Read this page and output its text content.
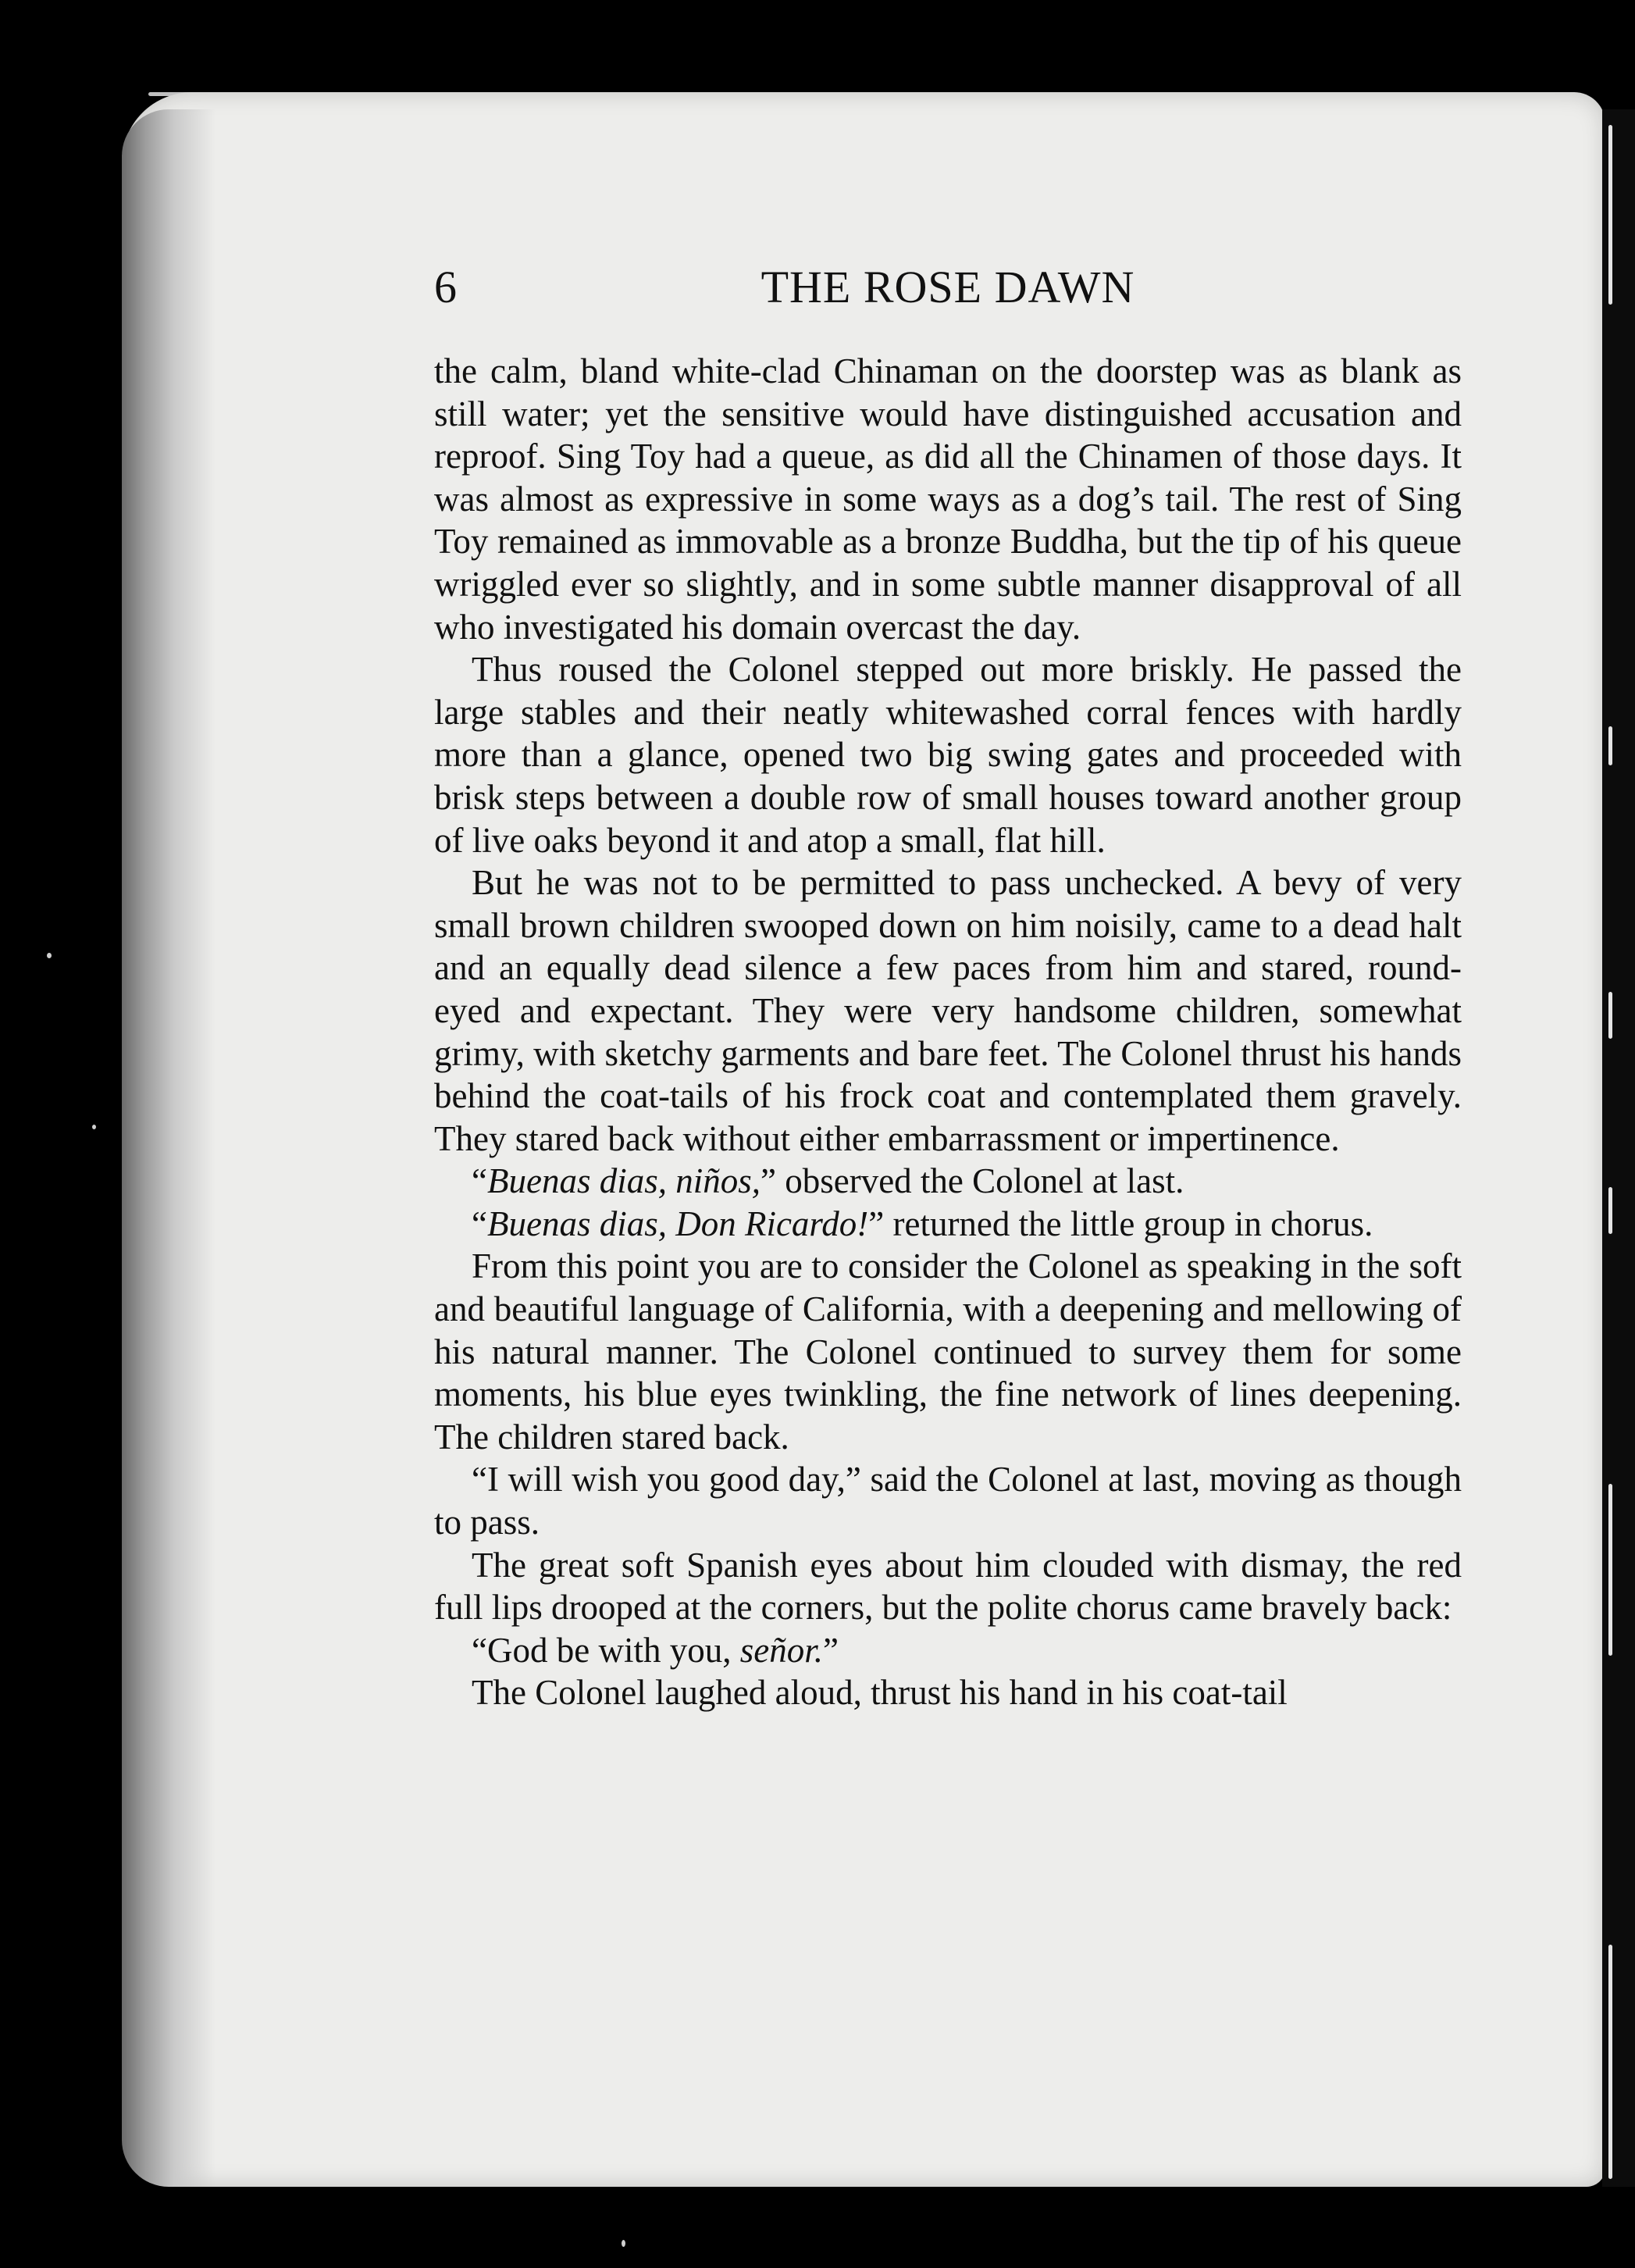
6	THE ROSE DAWN

the calm, bland white-clad Chinaman on the doorstep was as blank as still water; yet the sensitive would have distinguished accusation and reproof. Sing Toy had a queue, as did all the Chinamen of those days. It was almost as expressive in some ways as a dog’s tail. The rest of Sing Toy remained as immovable as a bronze Buddha, but the tip of his queue wriggled ever so slightly, and in some subtle manner disapproval of all who investigated his domain overcast the day.

Thus roused the Colonel stepped out more briskly. He passed the large stables and their neatly whitewashed corral fences with hardly more than a glance, opened two big swing gates and proceeded with brisk steps between a double row of small houses toward another group of live oaks beyond it and atop a small, flat hill.

But he was not to be permitted to pass unchecked. A bevy of very small brown children swooped down on him noisily, came to a dead halt and an equally dead silence a few paces from him and stared, round-eyed and expectant. They were very handsome children, somewhat grimy, with sketchy garments and bare feet. The Colonel thrust his hands behind the coat-tails of his frock coat and contemplated them gravely. They stared back without either embarrassment or impertinence.

“Buenas dias, niños,” observed the Colonel at last.

“Buenas dias, Don Ricardo!” returned the little group in chorus.

From this point you are to consider the Colonel as speaking in the soft and beautiful language of California, with a deepening and mellowing of his natural manner. The Colonel continued to survey them for some moments, his blue eyes twinkling, the fine network of lines deepening. The children stared back.

“I will wish you good day,” said the Colonel at last, moving as though to pass.

The great soft Spanish eyes about him clouded with dismay, the red full lips drooped at the corners, but the polite chorus came bravely back:

“God be with you, señor.”

The Colonel laughed aloud, thrust his hand in his coat-tail
